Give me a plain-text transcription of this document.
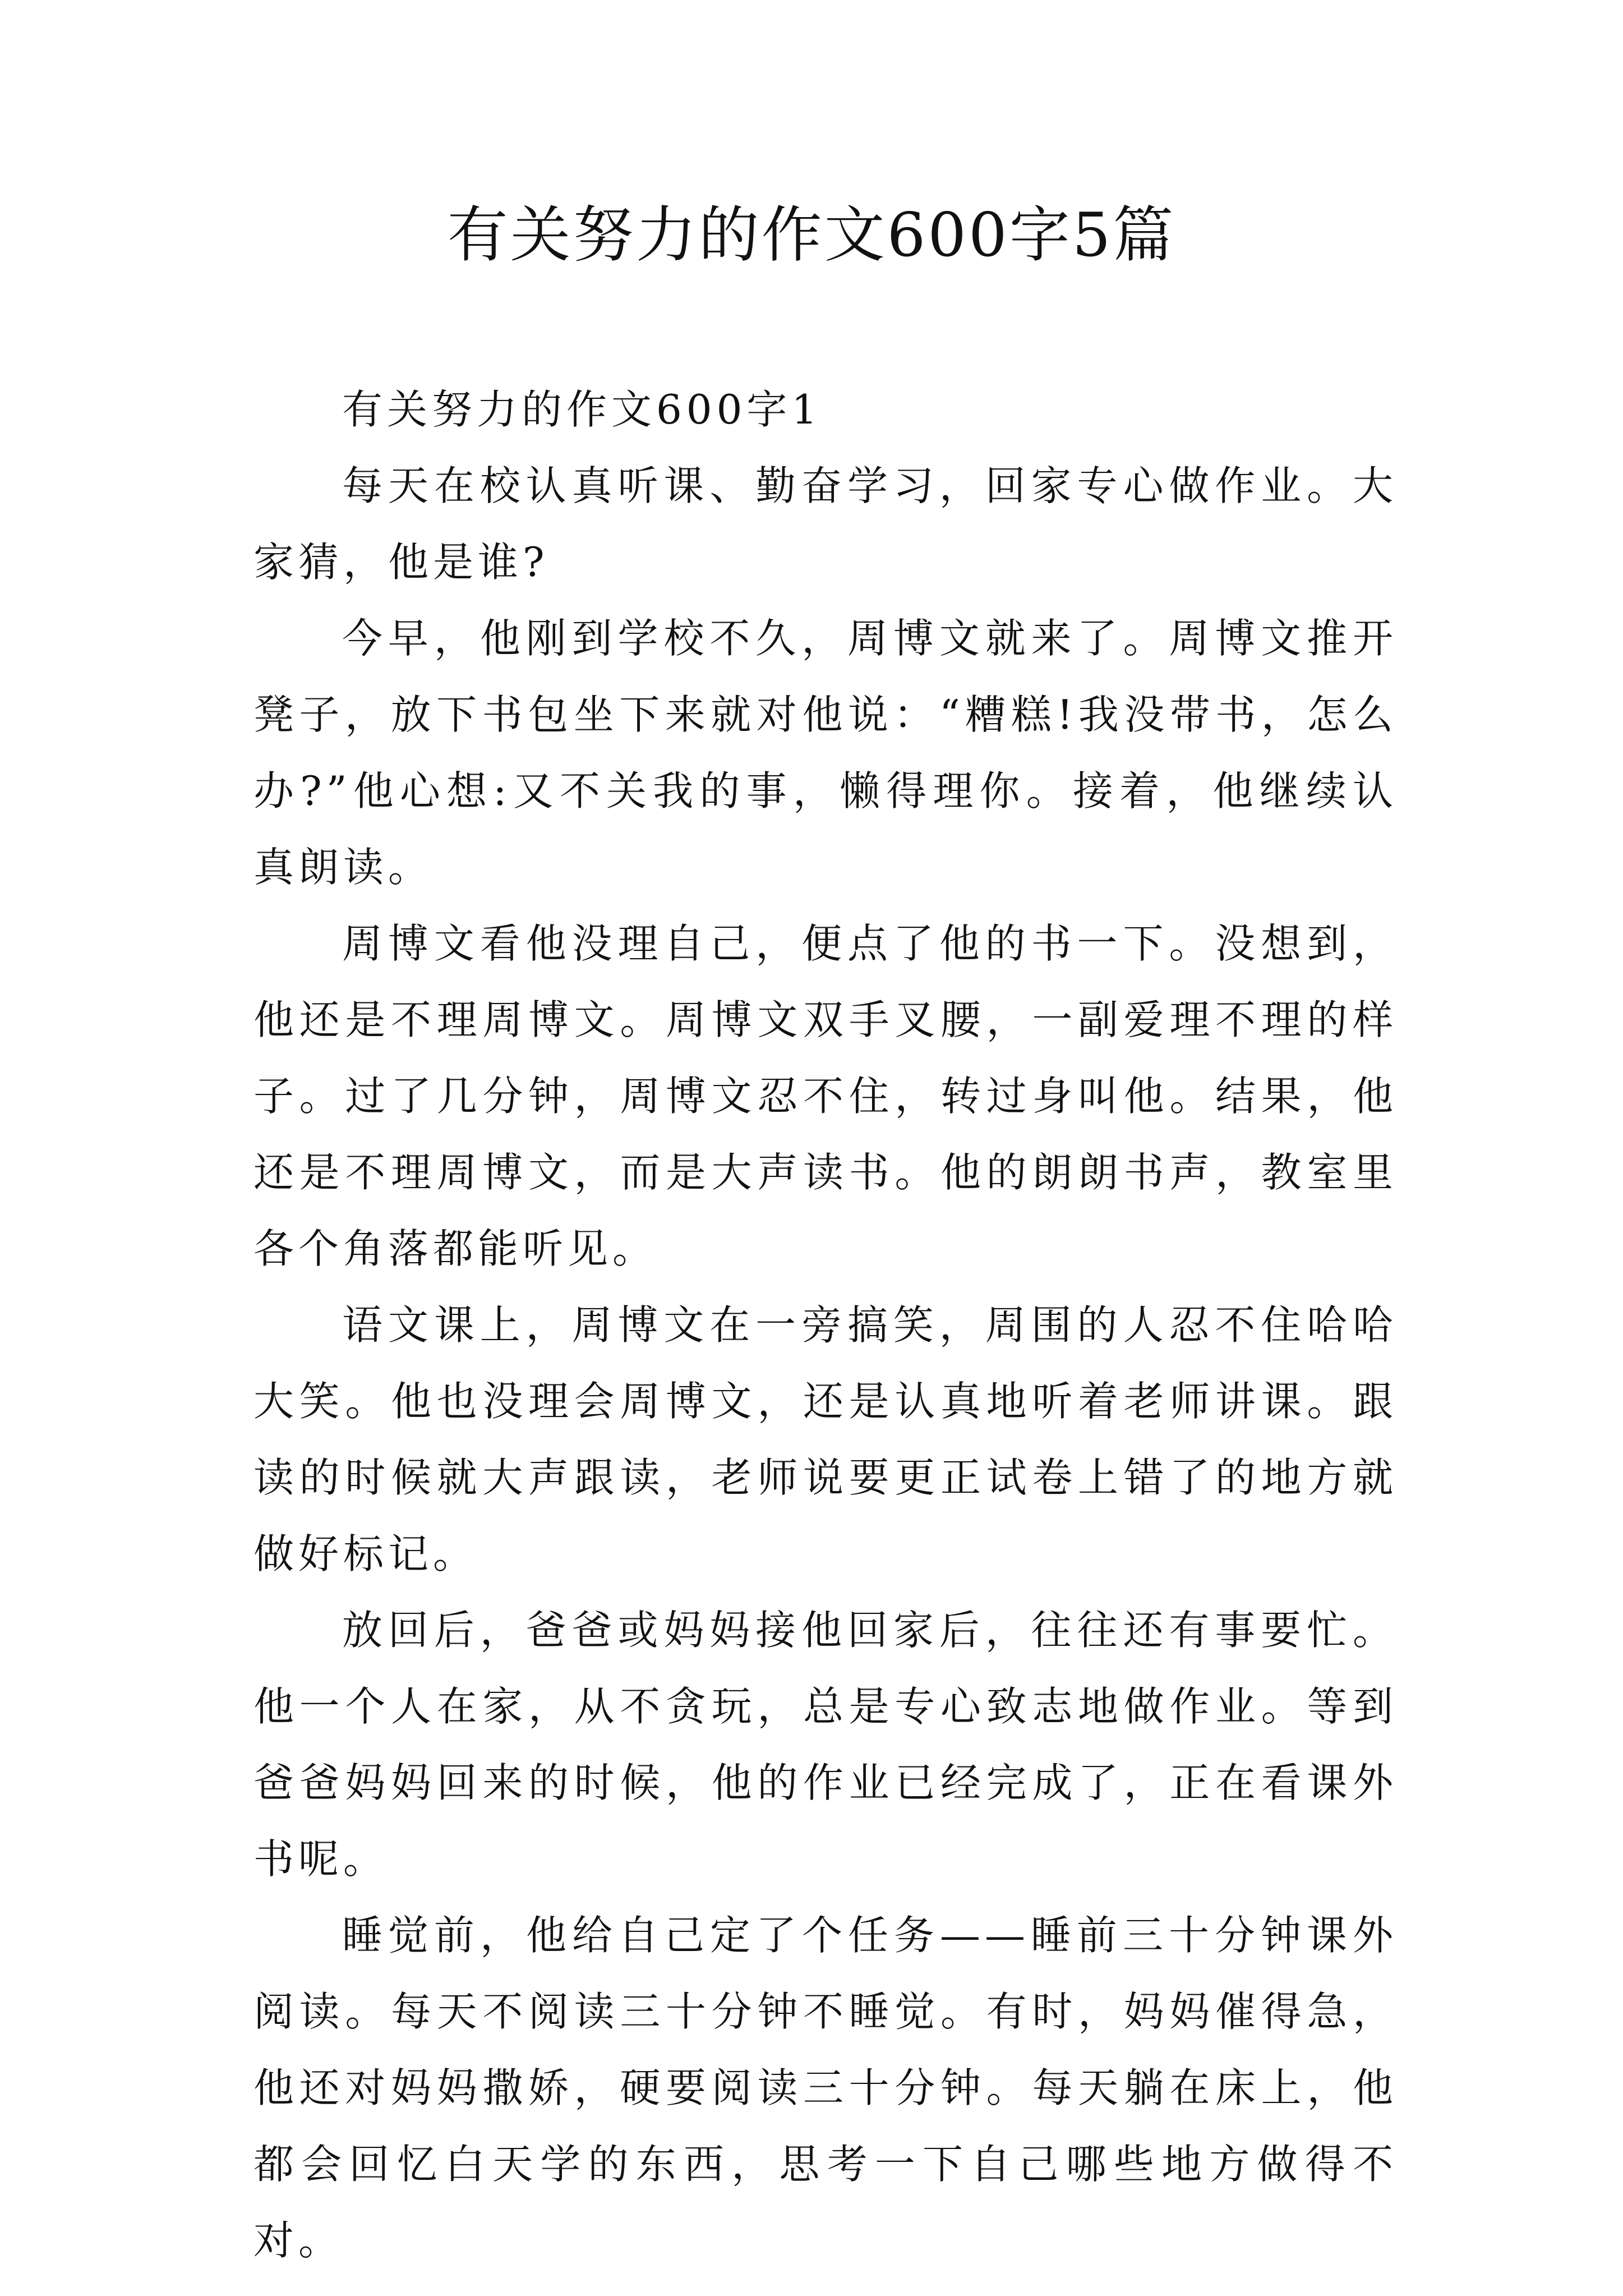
有关努力的作文600字5篇

有关努力的作文600字1

每天在校认真听课、勤奋学习，回家专心做作业。大家猜，他是谁?

今早，他刚到学校不久，周博文就来了。周博文推开凳子，放下书包坐下来就对他说：“糟糕!我没带书，怎么办?”他心想:又不关我的事，懒得理你。接着，他继续认真朗读。

周博文看他没理自己，便点了他的书一下。没想到，他还是不理周博文。周博文双手叉腰，一副爱理不理的样子。过了几分钟，周博文忍不住，转过身叫他。结果，他还是不理周博文，而是大声读书。他的朗朗书声，教室里各个角落都能听见。

语文课上，周博文在一旁搞笑，周围的人忍不住哈哈大笑。他也没理会周博文，还是认真地听着老师讲课。跟读的时候就大声跟读，老师说要更正试卷上错了的地方就做好标记。

放回后，爸爸或妈妈接他回家后，往往还有事要忙。他一个人在家，从不贪玩，总是专心致志地做作业。等到爸爸妈妈回来的时候，他的作业已经完成了，正在看课外书呢。

睡觉前，他给自己定了个任务——睡前三十分钟课外阅读。每天不阅读三十分钟不睡觉。有时，妈妈催得急，他还对妈妈撒娇，硬要阅读三十分钟。每天躺在床上，他都会回忆白天学的东西，思考一下自己哪些地方做得不对。
